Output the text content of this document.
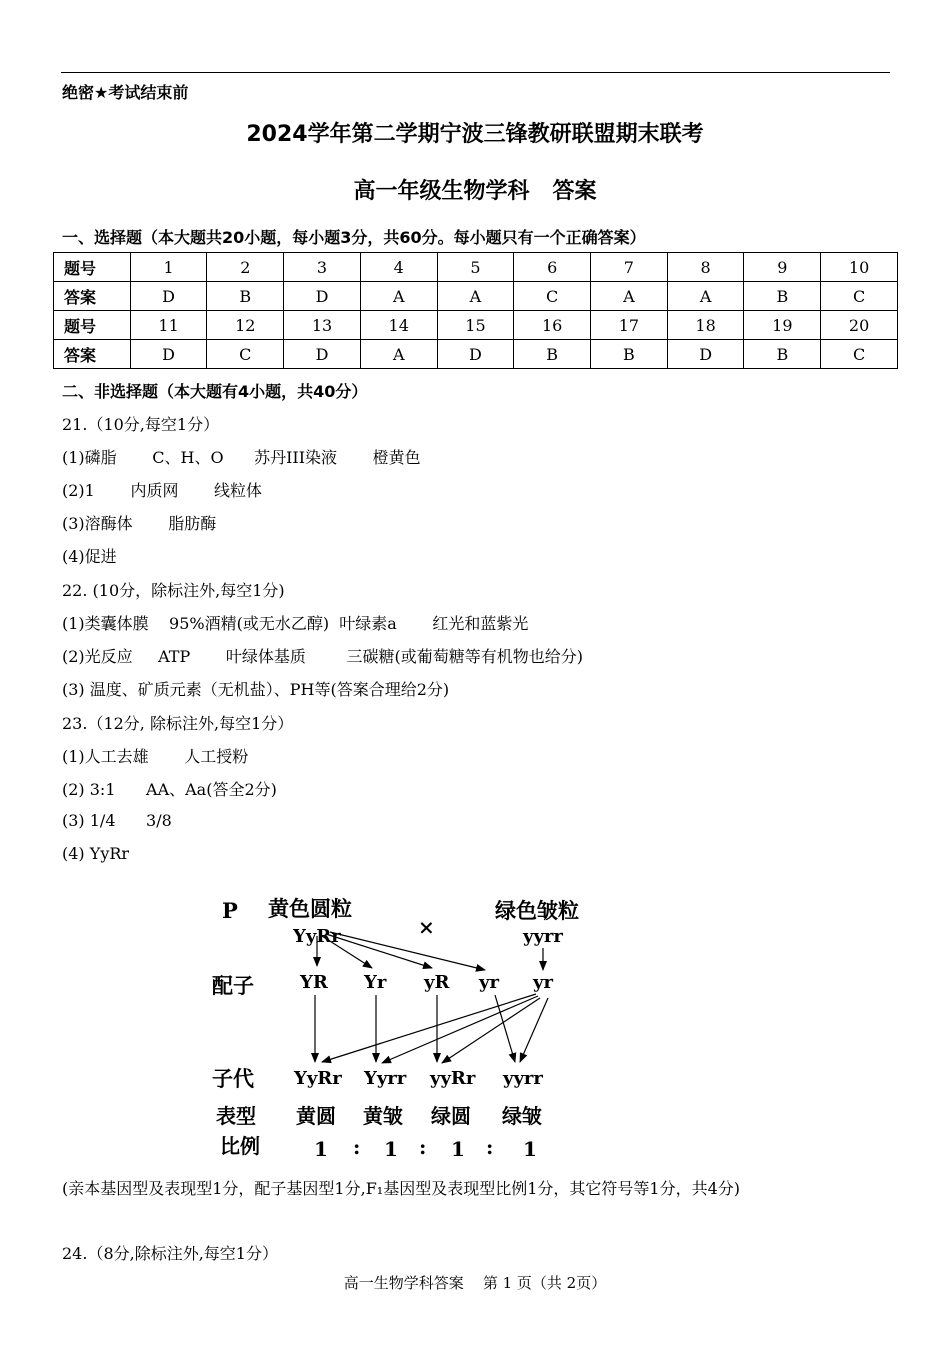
绝密★考试结束前
2024学年第二学期宁波三锋教研联盟期末联考
高一年级生物学科   答案
一、选择题（本大题共20小题，每小题3分，共60分。每小题只有一个正确答案）
题号	1	2	3	4	5	6	7	8	9	10
答案	D	B	D	A	A	C	A	A	B	C
题号	11	12	13	14	15	16	17	18	19	20
答案	D	C	D	A	D	B	B	D	B	C
二、非选择题（本大题有4小题，共40分）
21.（10分,每空1分）
(1)磷脂       C、H、O      苏丹III染液       橙黄色
(2)1       内质网       线粒体
(3)溶酶体       脂肪酶
(4)促进
22. (10分，除标注外,每空1分)
(1)类囊体膜    95%酒精(或无水乙醇)  叶绿素a       红光和蓝紫光
(2)光反应     ATP       叶绿体基质        三碳糖(或葡萄糖等有机物也给分)
(3) 温度、矿质元素（无机盐）、PH等(答案合理给2分)
23.（12分, 除标注外,每空1分）
(1)人工去雄       人工授粉
(2) 3:1      AA、Aa(答全2分)
(3) 1/4      3/8
(4) YyRr
P 黄色圆粒
×
绿色皱粒
YyRr	yyrr
配子	YR Yr yR yr yr
子代 YyRr Yyrr yyRr yyrr
表型 黄圆 黄皱 绿圆 绿皱
比例	1 : 1 : 1 : 1
(亲本基因型及表现型1分，配子基因型1分,F₁基因型及表现型比例1分，其它符号等1分，共4分)
24.（8分,除标注外,每空1分）
高一生物学科答案    第 1 页（共 2页）
